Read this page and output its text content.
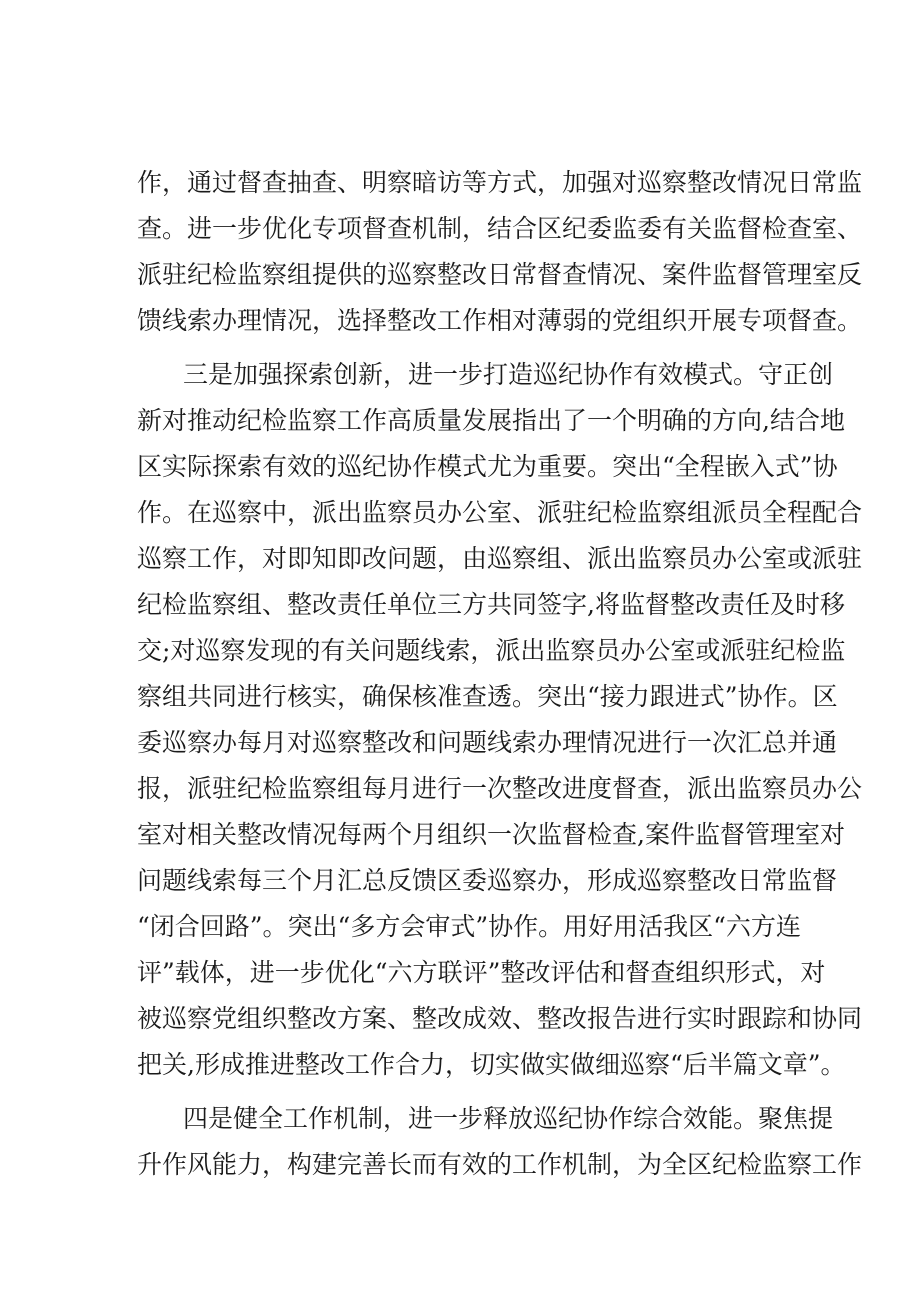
作，通过督查抽查、明察暗访等方式，加强对巡察整改情况日常监
查。进一步优化专项督查机制，结合区纪委监委有关监督检查室、
派驻纪检监察组提供的巡察整改日常督查情况、案件监督管理室反
馈线索办理情况，选择整改工作相对薄弱的党组织开展专项督查。
三是加强探索创新，进一步打造巡纪协作有效模式。守正创
新对推动纪检监察工作高质量发展指出了一个明确的方向,结合地
区实际探索有效的巡纪协作模式尤为重要。突出“全程嵌入式”协
作。在巡察中，派出监察员办公室、派驻纪检监察组派员全程配合
巡察工作，对即知即改问题，由巡察组、派出监察员办公室或派驻
纪检监察组、整改责任单位三方共同签字,将监督整改责任及时移
交;对巡察发现的有关问题线索，派出监察员办公室或派驻纪检监
察组共同进行核实，确保核准查透。突出“接力跟进式”协作。区
委巡察办每月对巡察整改和问题线索办理情况进行一次汇总并通
报，派驻纪检监察组每月进行一次整改进度督查，派出监察员办公
室对相关整改情况每两个月组织一次监督检查,案件监督管理室对
问题线索每三个月汇总反馈区委巡察办，形成巡察整改日常监督
“闭合回路”。突出“多方会审式”协作。用好用活我区“六方连
评”载体，进一步优化“六方联评”整改评估和督查组织形式，对
被巡察党组织整改方案、整改成效、整改报告进行实时跟踪和协同
把关,形成推进整改工作合力，切实做实做细巡察“后半篇文章”。
四是健全工作机制，进一步释放巡纪协作综合效能。聚焦提
升作风能力，构建完善长而有效的工作机制，为全区纪检监察工作
